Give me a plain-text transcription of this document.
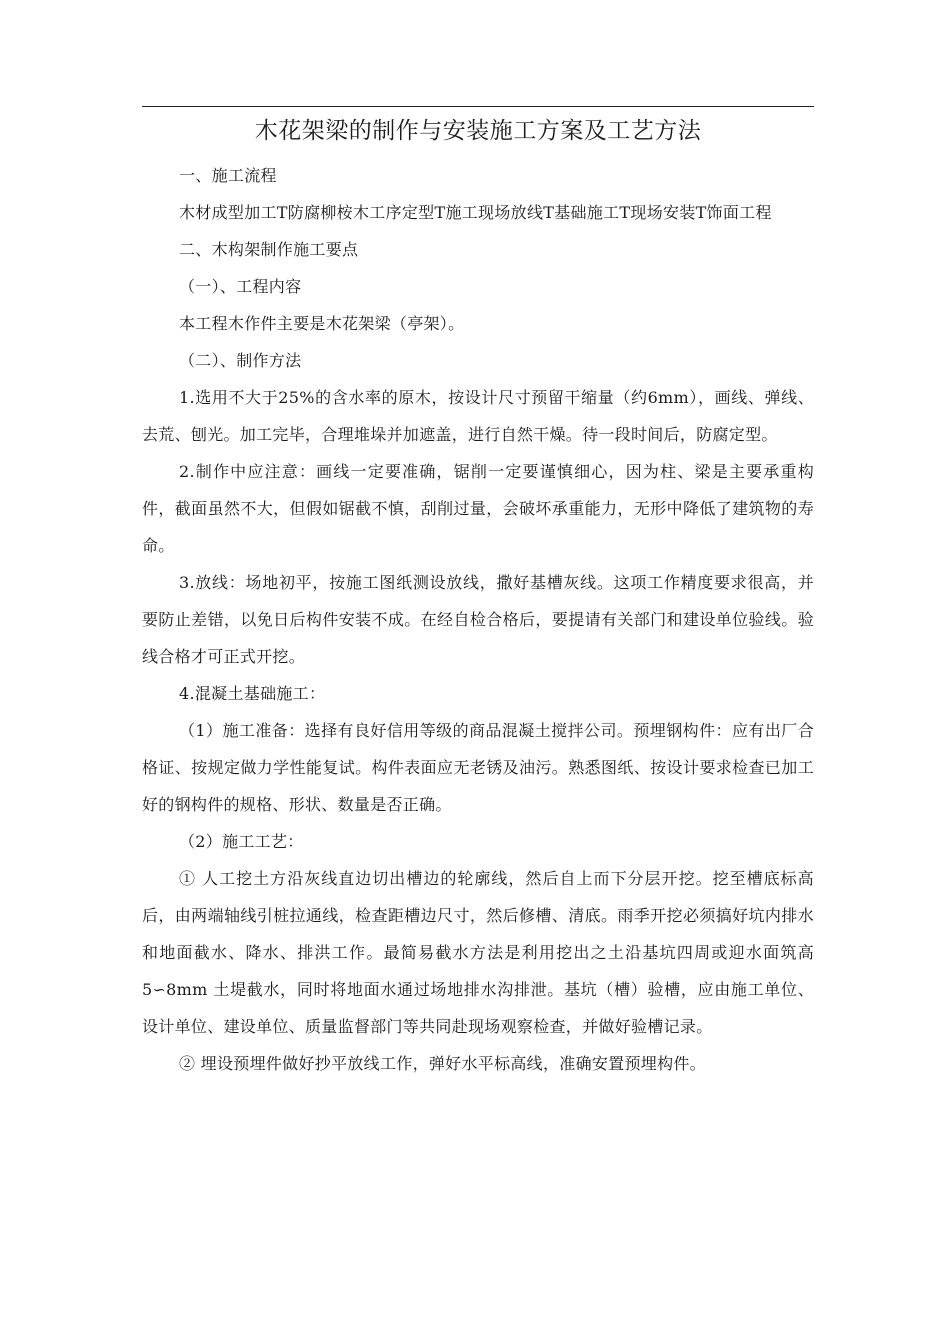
木花架梁的制作与安装施工方案及工艺方法

一、施工流程

木材成型加工T防腐柳桉木工序定型T施工现场放线T基础施工T现场安装T饰面工程

二、木构架制作施工要点

（一）、工程内容

本工程木作件主要是木花架梁（亭架）。

（二）、制作方法

1.选用不大于25%的含水率的原木，按设计尺寸预留干缩量（约6mm），画线、弹线、去荒、刨光。加工完毕，合理堆垛并加遮盖，进行自然干燥。待一段时间后，防腐定型。

2.制作中应注意：画线一定要准确，锯削一定要谨慎细心，因为柱、梁是主要承重构件，截面虽然不大，但假如锯截不慎，刮削过量，会破坏承重能力，无形中降低了建筑物的寿命。

3.放线：场地初平，按施工图纸测设放线，撒好基槽灰线。这项工作精度要求很高，并要防止差错，以免日后构件安装不成。在经自检合格后，要提请有关部门和建设单位验线。验线合格才可正式开挖。

4.混凝土基础施工：

（1）施工准备：选择有良好信用等级的商品混凝土搅拌公司。预埋钢构件：应有出厂合格证、按规定做力学性能复试。构件表面应无老锈及油污。熟悉图纸、按设计要求检查已加工好的钢构件的规格、形状、数量是否正确。

（2）施工工艺：

① 人工挖土方沿灰线直边切出槽边的轮廓线，然后自上而下分层开挖。挖至槽底标高后，由两端轴线引桩拉通线，检查距槽边尺寸，然后修槽、清底。雨季开挖必须搞好坑内排水和地面截水、降水、排洪工作。最简易截水方法是利用挖出之土沿基坑四周或迎水面筑高5∽8mm 土堤截水，同时将地面水通过场地排水沟排泄。基坑（槽）验槽，应由施工单位、设计单位、建设单位、质量监督部门等共同赴现场观察检查，并做好验槽记录。

② 埋设预埋件做好抄平放线工作，弹好水平标高线，准确安置预埋构件。
